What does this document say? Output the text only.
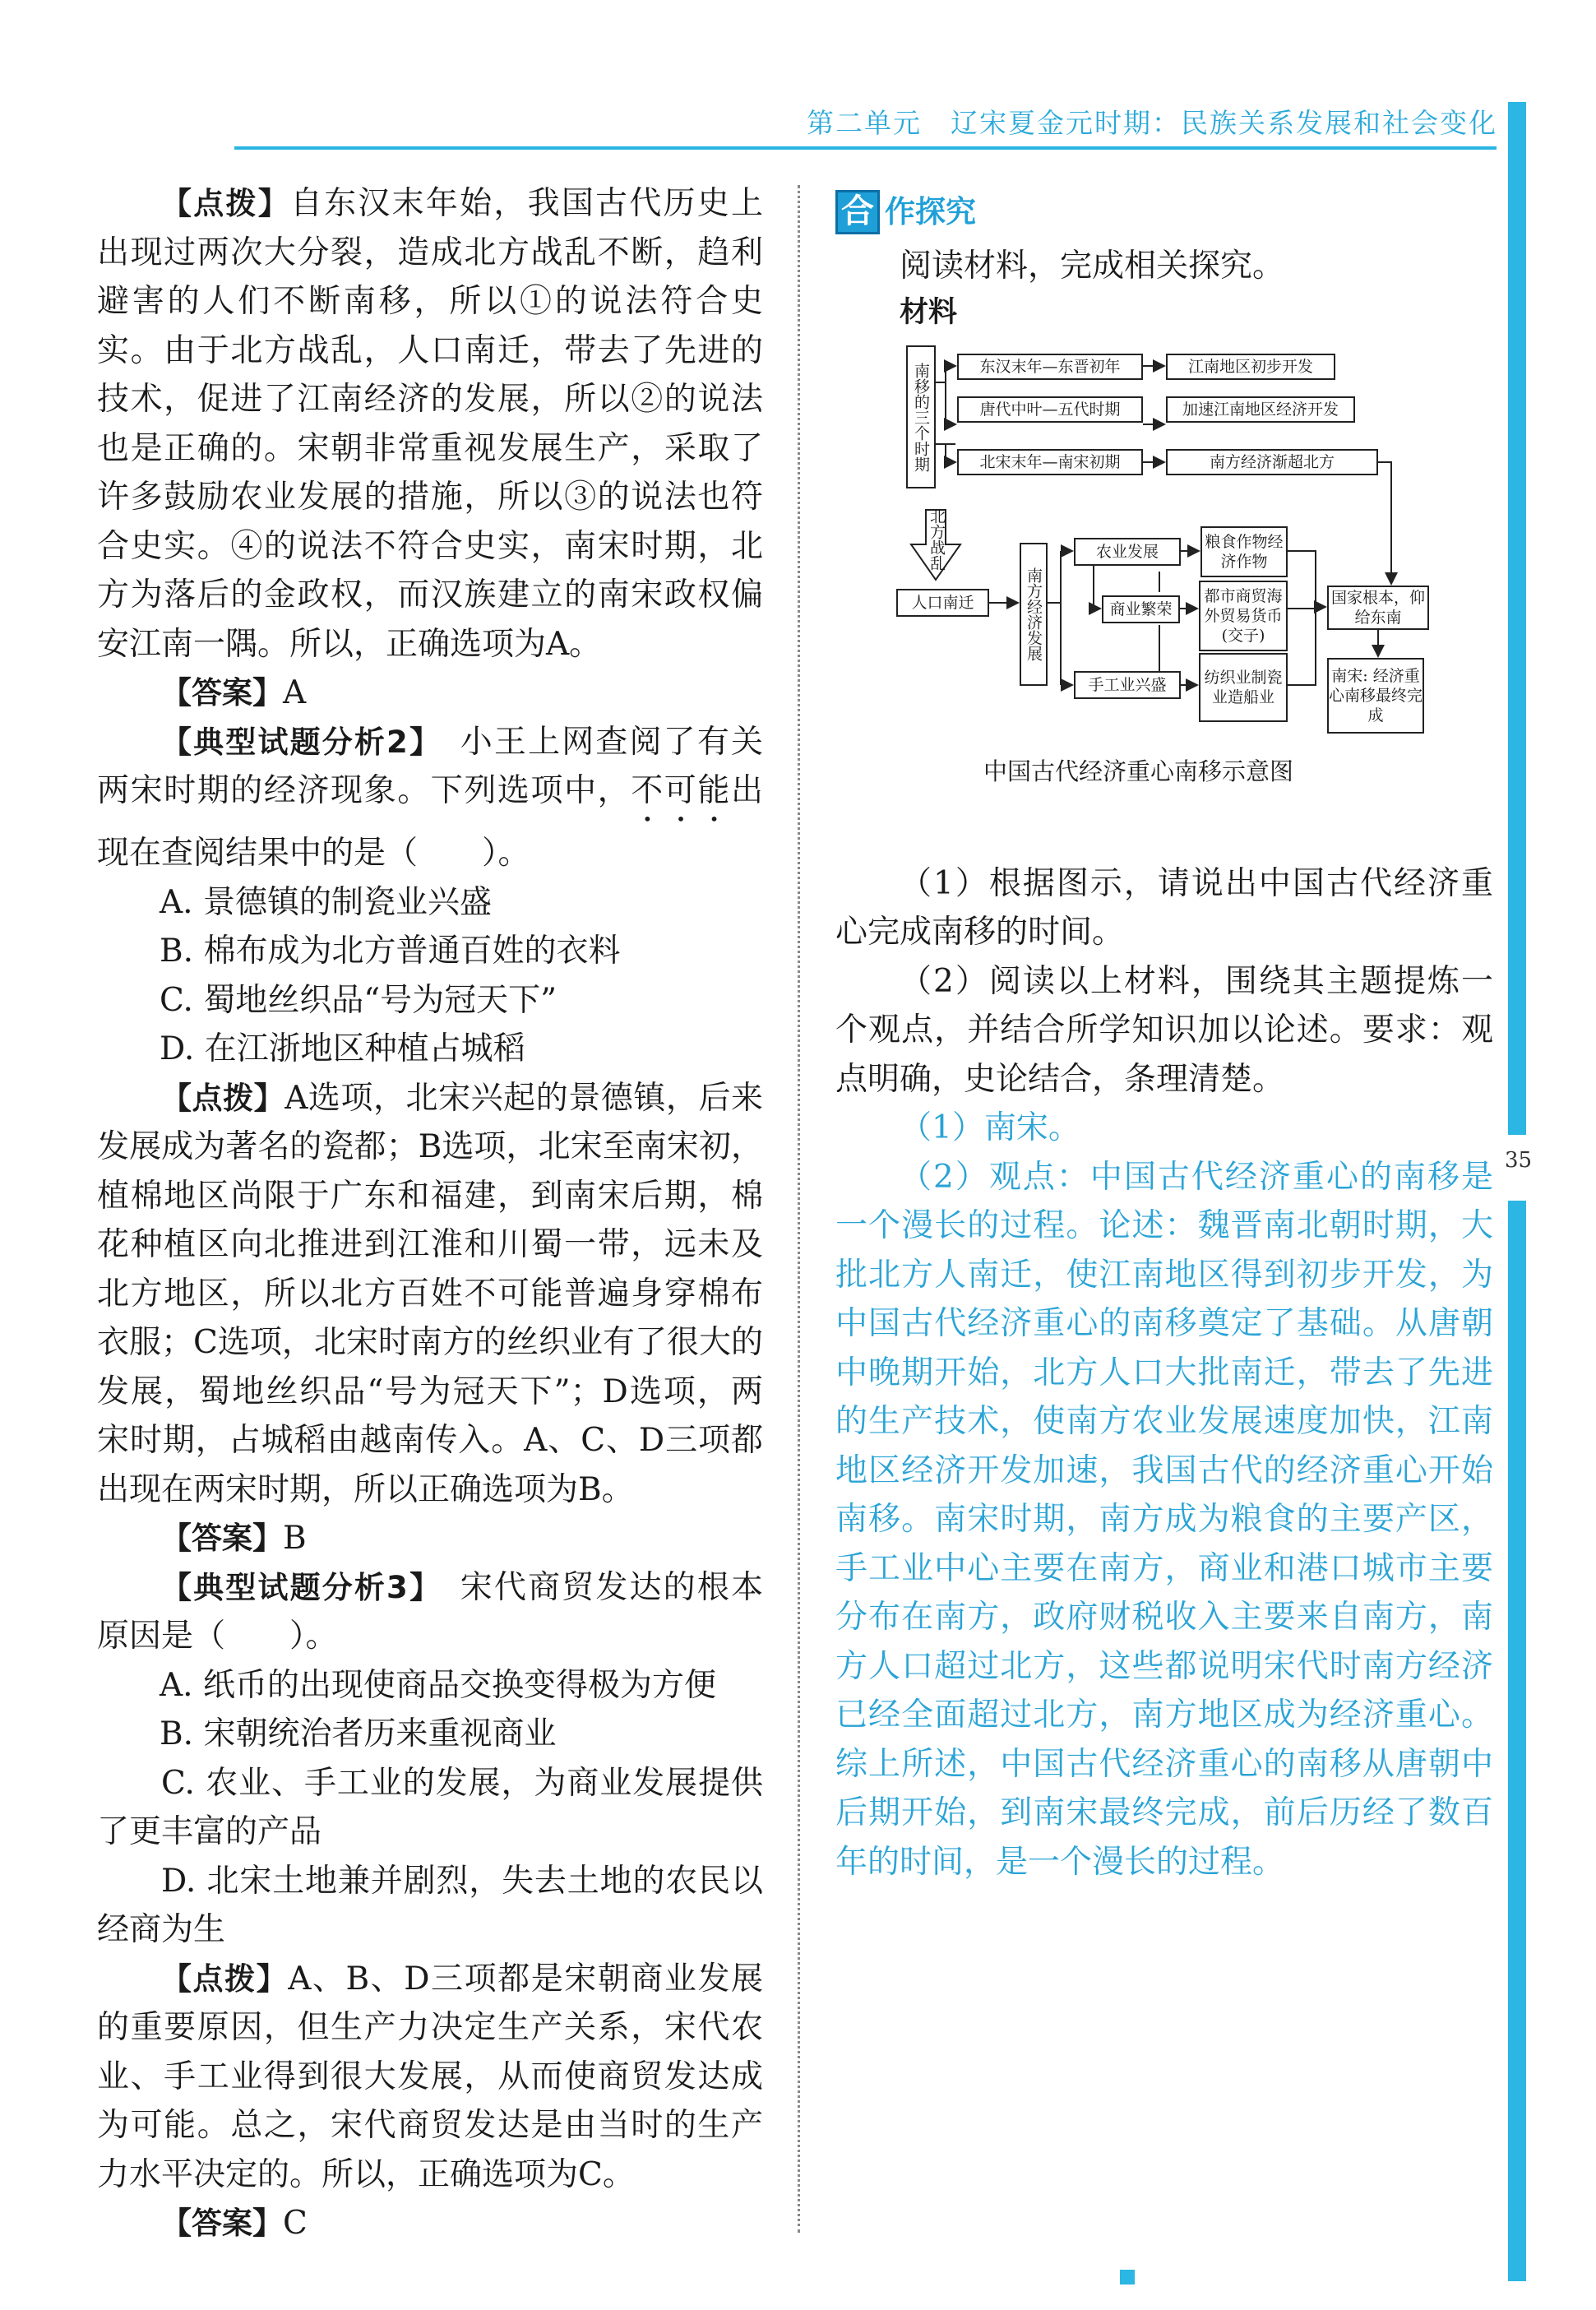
第二单元　辽宋夏金元时期：民族关系发展和社会变化
35

【点拨】自东汉末年始，我国古代历史上出现过两次大分裂，造成北方战乱不断，趋利避害的人们不断南移，所以①的说法符合史实。由于北方战乱，人口南迁，带去了先进的技术，促进了江南经济的发展，所以②的说法也是正确的。宋朝非常重视发展生产，采取了许多鼓励农业发展的措施，所以③的说法也符合史实。④的说法不符合史实，南宋时期，北方为落后的金政权，而汉族建立的南宋政权偏安江南一隅。所以，正确选项为A。

【答案】A

【典型试题分析2】　 小王上网查阅了有关两宋时期的经济现象。下列选项中，不可能出现在查阅结果中的是（　　）。

A. 景德镇的制瓷业兴盛

B. 棉布成为北方普通百姓的衣料

C. 蜀地丝织品“号为冠天下”

D. 在江浙地区种植占城稻

【点拨】A选项，北宋兴起的景德镇，后来发展成为著名的瓷都；B选项，北宋至南宋初，植棉地区尚限于广东和福建，到南宋后期，棉花种植区向北推进到江淮和川蜀一带，远未及北方地区，所以北方百姓不可能普遍身穿棉布衣服；C选项，北宋时南方的丝织业有了很大的发展，蜀地丝织品“号为冠天下”；D选项，两宋时期，占城稻由越南传入。A、C、D三项都出现在两宋时期，所以正确选项为B。

【答案】B

【典型试题分析3】　 宋代商贸发达的根本原因是（　　）。

A. 纸币的出现使商品交换变得极为方便

B. 宋朝统治者历来重视商业

C. 农业、手工业的发展，为商业发展提供了更丰富的产品

D. 北宋土地兼并剧烈，失去土地的农民以经商为生

【点拨】A、B、D三项都是宋朝商业发展的重要原因，但生产力决定生产关系，宋代农业、手工业得到很大发展，从而使商贸发达成为可能。总之，宋代商贸发达是由当时的生产力水平决定的。所以，正确选项为C。

【答案】C

合 作探究

阅读材料，完成相关探究。

材料

（1）根据图示，请说出中国古代经济重心完成南移的时间。

（2）阅读以上材料，围绕其主题提炼一个观点，并结合所学知识加以论述。要求：观点明确，史论结合，条理清楚。

（1）南宋。

（2）观点：中国古代经济重心的南移是一个漫长的过程。论述：魏晋南北朝时期，大批北方人南迁，使江南地区得到初步开发，为中国古代经济重心的南移奠定了基础。从唐朝中晚期开始，北方人口大批南迁，带去了先进的生产技术，使南方农业发展速度加快，江南地区经济开发加速，我国古代的经济重心开始南移。南宋时期，南方成为粮食的主要产区，手工业中心主要在南方，商业和港口城市主要分布在南方，政府财税收入主要来自南方，南方人口超过北方，这些都说明宋代时南方经济已经全面超过北方，南方地区成为经济重心。综上所述，中国古代经济重心的南移从唐朝中后期开始，到南宋最终完成，前后历经了数百年的时间，是一个漫长的过程。

南移的三个时期	东汉末年—东晋初年	江南地区初步开发
唐代中叶—五代时期	加速江南地区经济开发
北宋末年—南宋初期	南方经济渐超北方
北方战乱
人口南迁	南方经济发展
农业发展
粮食作物经济作物
商业繁荣
都市商贸海外贸易货币(交子)
手工业兴盛	纺织业制瓷业造船业
国家根本，仰给东南
南宋: 经济重心南移最终完成
中国古代经济重心南移示意图
